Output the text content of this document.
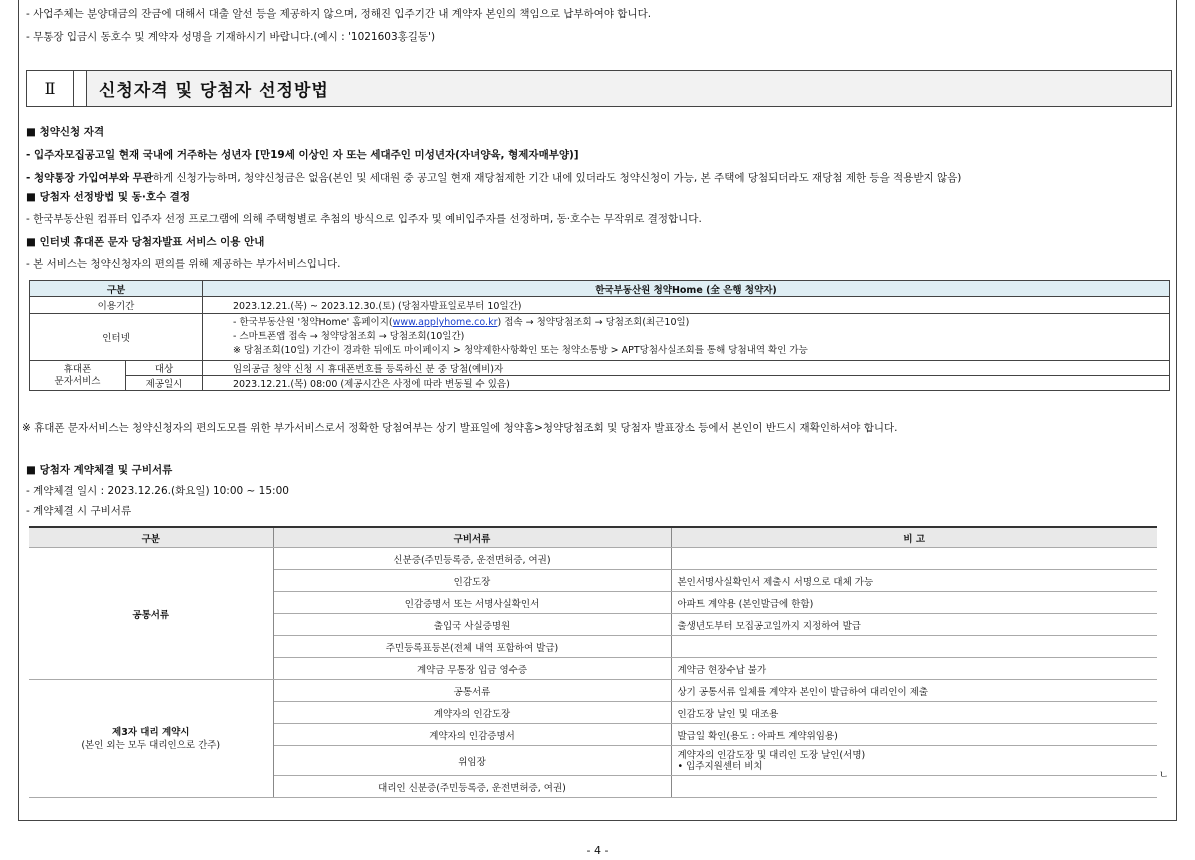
- 사업주체는 분양대금의 잔금에 대해서 대출 알선 등을 제공하지 않으며, 정해진 입주기간 내 계약자 본인의 책임으로 납부하여야 합니다.
- 무통장 입금시 동호수 및 계약자 성명을 기재하시기 바랍니다.(예시 : '1021603홍길동')
Ⅱ	신청자격 및 당첨자 선정방법
■ 청약신청 자격
- 입주자모집공고일 현재 국내에 거주하는 성년자 [만19세 이상인 자 또는 세대주인 미성년자(자녀양육, 형제자매부양)]
- 청약통장 가입여부와 무관하게 신청가능하며, 청약신청금은 없음(본인 및 세대원 중 공고일 현재 재당첨제한 기간 내에 있더라도 청약신청이 가능, 본 주택에 당첨되더라도 재당첨 제한 등을 적용받지 않음)
■ 당첨자 선정방법 및 동·호수 결정
- 한국부동산원 컴퓨터 입주자 선정 프로그램에 의해 주택형별로 추첨의 방식으로 입주자 및 예비입주자를 선정하며, 동·호수는 무작위로 결정합니다.
■ 인터넷 휴대폰 문자 당첨자발표 서비스 이용 안내
- 본 서비스는 청약신청자의 편의를 위해 제공하는 부가서비스입니다.
구분		한국부동산원 청약Home (全 은행 청약자)
이용기간		2023.12.21.(목) ~ 2023.12.30.(토) (당첨자발표일로부터 10일간)
인터넷		- 한국부동산원 '청약Home' 홈페이지(www.applyhome.co.kr) 접속 → 청약당첨조회 → 당첨조회(최근10일)
- 스마트폰앱 접속 → 청약당첨조회 → 당첨조회(10일간)
※ 당첨조회(10일) 기간이 경과한 뒤에도 마이페이지 > 청약제한사항확인 또는 청약소통방 > APT당첨사실조회를 통해 당첨내역 확인 가능

휴대폰
문자서비스	대상	임의공급 청약 신청 시 휴대폰번호를 등록하신 분 중 당첨(예비)자
	제공일시	2023.12.21.(목) 08:00 (제공시간은 사정에 따라 변동될 수 있음)
※ 휴대폰 문자서비스는 청약신청자의 편의도모를 위한 부가서비스로서 정확한 당첨여부는 상기 발표일에 청약홈>청약당첨조회 및 당첨자 발표장소 등에서 본인이 반드시 재확인하셔야 합니다.
■ 당첨자 계약체결 및 구비서류
- 계약체결 일시 : 2023.12.26.(화요일) 10:00 ~ 15:00
- 계약체결 시 구비서류
구분	구비서류	비 고
공통서류	신분증(주민등록증, 운전면허증, 여권)	
	인감도장	본인서명사실확인서 제출시 서명으로 대체 가능
	인감증명서 또는 서명사실확인서	아파트 계약용 (본인발급에 한함)
	출입국 사실증명원	출생년도부터 모집공고일까지 지정하여 발급
	주민등록표등본(전체 내역 포함하여 발급)	
	계약금 무통장 입금 영수증	계약금 현장수납 불가

제3자 대리 계약시
(본인 외는 모두 대리인으로 간주)	공통서류	상기 공통서류 일체를 계약자 본인이 발급하여 대리인이 제출
	계약자의 인감도장	인감도장 날인 및 대조용
	계약자의 인감증명서	발급일 확인(용도 : 아파트 계약위임용)
	위임장	계약자의 인감도장 및 대리인 도장 날인(서명)
• 입주지원센터 비치

	대리인 신분증(주민등록증, 운전면허증, 여권)	
ㄴ
- 4 -
